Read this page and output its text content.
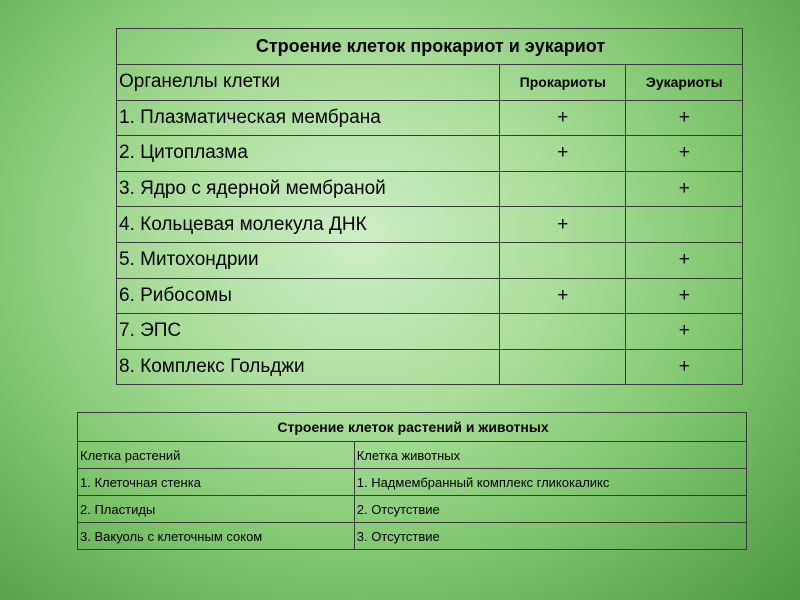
Строение клеток прокариот и эукариот		
Органеллы клетки	Прокариоты	Эукариоты
1. Плазматическая мембрана	+	+
2. Цитоплазма	+	+
3. Ядро с ядерной мембраной		+
4. Кольцевая молекула ДНК	+	
5. Митохондрии		+
6. Рибосомы	+	+
7. ЭПС		+
8. Комплекс Гольджи		+
Строение клеток растений и животных	
Клетка растений	Клетка животных
1. Клеточная стенка	1. Надмембранный комплекс гликокаликс
2. Пластиды	2. Отсутствие
3. Вакуоль с клеточным соком	3. Отсутствие
